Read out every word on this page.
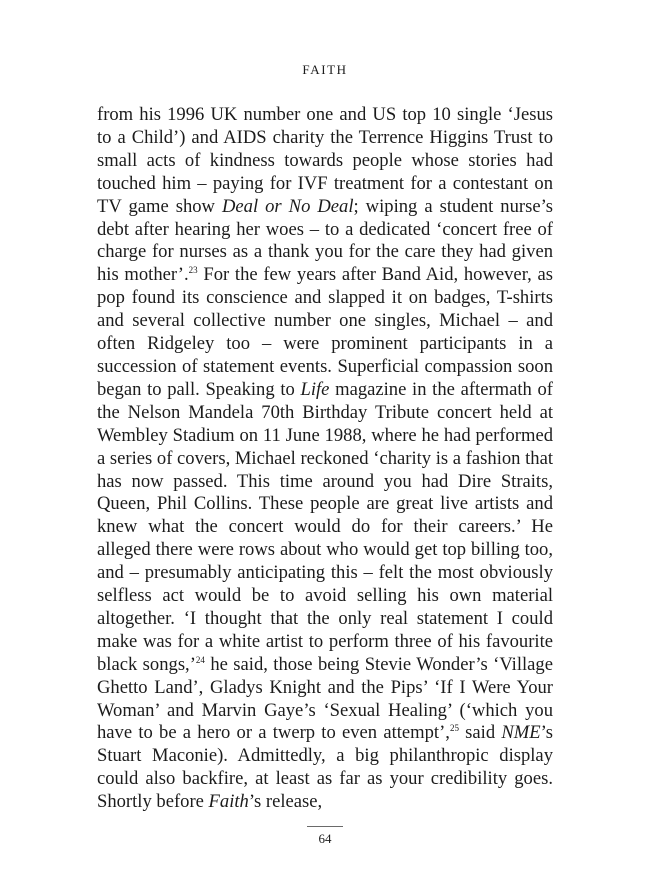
FAITH

from his 1996 UK number one and US top 10 single ‘Jesus to a Child’) and AIDS charity the Terrence Higgins Trust to small acts of kindness towards people whose stories had touched him – paying for IVF treatment for a contestant on TV game show Deal or No Deal; wiping a student nurse’s debt after hearing her woes – to a dedicated ‘concert free of charge for nurses as a thank you for the care they had given his mother’.$^{23}$ For the few years after Band Aid, however, as pop found its conscience and slapped it on badges, T-shirts and several collective number one singles, Michael – and often Ridgeley too – were prominent participants in a succession of statement events. Superficial compassion soon began to pall. Speaking to Life magazine in the aftermath of the Nelson Mandela 70th Birthday Tribute concert held at Wembley Stadium on 11 June 1988, where he had performed a series of covers, Michael reckoned ‘charity is a fashion that has now passed. This time around you had Dire Straits, Queen, Phil Collins. These people are great live artists and knew what the concert would do for their careers.’ He alleged there were rows about who would get top billing too, and – presumably anticipating this – felt the most obviously selfless act would be to avoid selling his own material altogether. ‘I thought that the only real statement I could make was for a white artist to perform three of his favourite black songs,’$^{24}$ he said, those being Stevie Wonder’s ‘Village Ghetto Land’, Gladys Knight and the Pips’ ‘If I Were Your Woman’ and Marvin Gaye’s ‘Sexual Healing’ (‘which you have to be a hero or a twerp to even attempt’,$^{25}$ said NME’s Stuart Maconie). Admittedly, a big philanthropic display could also backfire, at least as far as your credibility goes. Shortly before Faith’s release,

64
